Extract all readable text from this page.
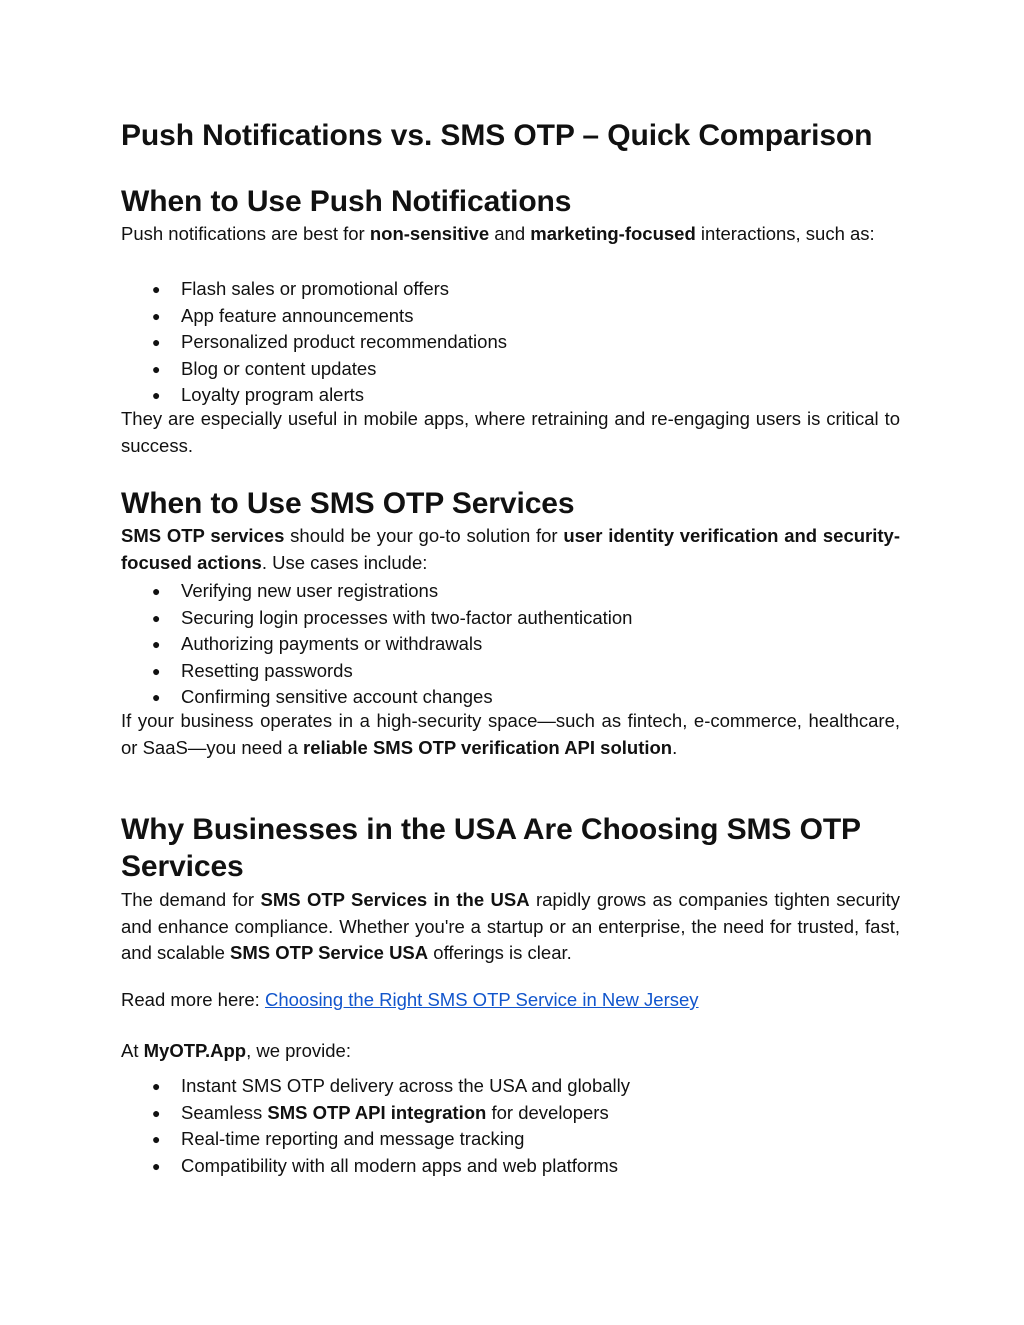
Push Notifications vs. SMS OTP – Quick Comparison
When to Use Push Notifications

Push notifications are best for non-sensitive and marketing-focused interactions, such as:

● Flash sales or promotional offers
● App feature announcements
● Personalized product recommendations
● Blog or content updates
● Loyalty program alerts

They are especially useful in mobile apps, where retraining and re-engaging users is critical to success.

When to Use SMS OTP Services

SMS OTP services should be your go-to solution for user identity verification and security-focused actions. Use cases include:

● Verifying new user registrations
● Securing login processes with two-factor authentication
● Authorizing payments or withdrawals
● Resetting passwords
● Confirming sensitive account changes

If your business operates in a high-security space—such as fintech, e-commerce, healthcare, or SaaS—you need a reliable SMS OTP verification API solution.

Why Businesses in the USA Are Choosing SMS OTP
Services

The demand for SMS OTP Services in the USA rapidly grows as companies tighten security and enhance compliance. Whether you're a startup or an enterprise, the need for trusted, fast, and scalable SMS OTP Service USA offerings is clear.

Read more here: Choosing the Right SMS OTP Service in New Jersey

At MyOTP.App, we provide:

● Instant SMS OTP delivery across the USA and globally
● Seamless SMS OTP API integration for developers
● Real-time reporting and message tracking
● Compatibility with all modern apps and web platforms
